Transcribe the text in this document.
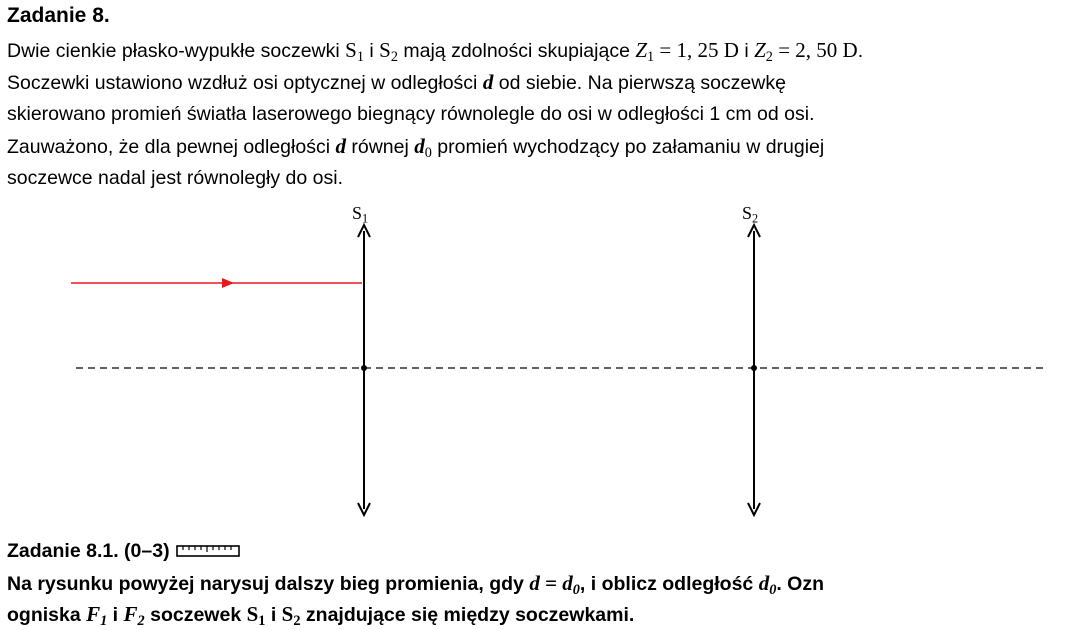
Zadanie 8.

Dwie cienkie płasko-wypukłe soczewki $S_1$ i $S_2$ mają zdolności skupiające $Z_1 = 1$, 25 D i $Z_2 = 2$, 50 D.
Soczewki ustawiono wzdłuż osi optycznej w odległości d od siebie. Na pierwszą soczewkę
skierowano promień światła laserowego biegnący równolegle do osi w odległości 1 cm od osi.
Zauważono, że dla pewnej odległości d równej $d_0$ promień wychodzący po załamaniu w drugiej
soczewce nadal jest równoległy do osi.

$S_1$	$S_2$

Zadanie 8.1. (0–3)

Na rysunku powyżej narysuj dalszy bieg promienia, gdy $d = d_0$, i oblicz odległość $d_0$. Ozn
ogniska $F_1$ i $F_2$ soczewek $S_1$ i $S_2$ znajdujące się między soczewkami.
